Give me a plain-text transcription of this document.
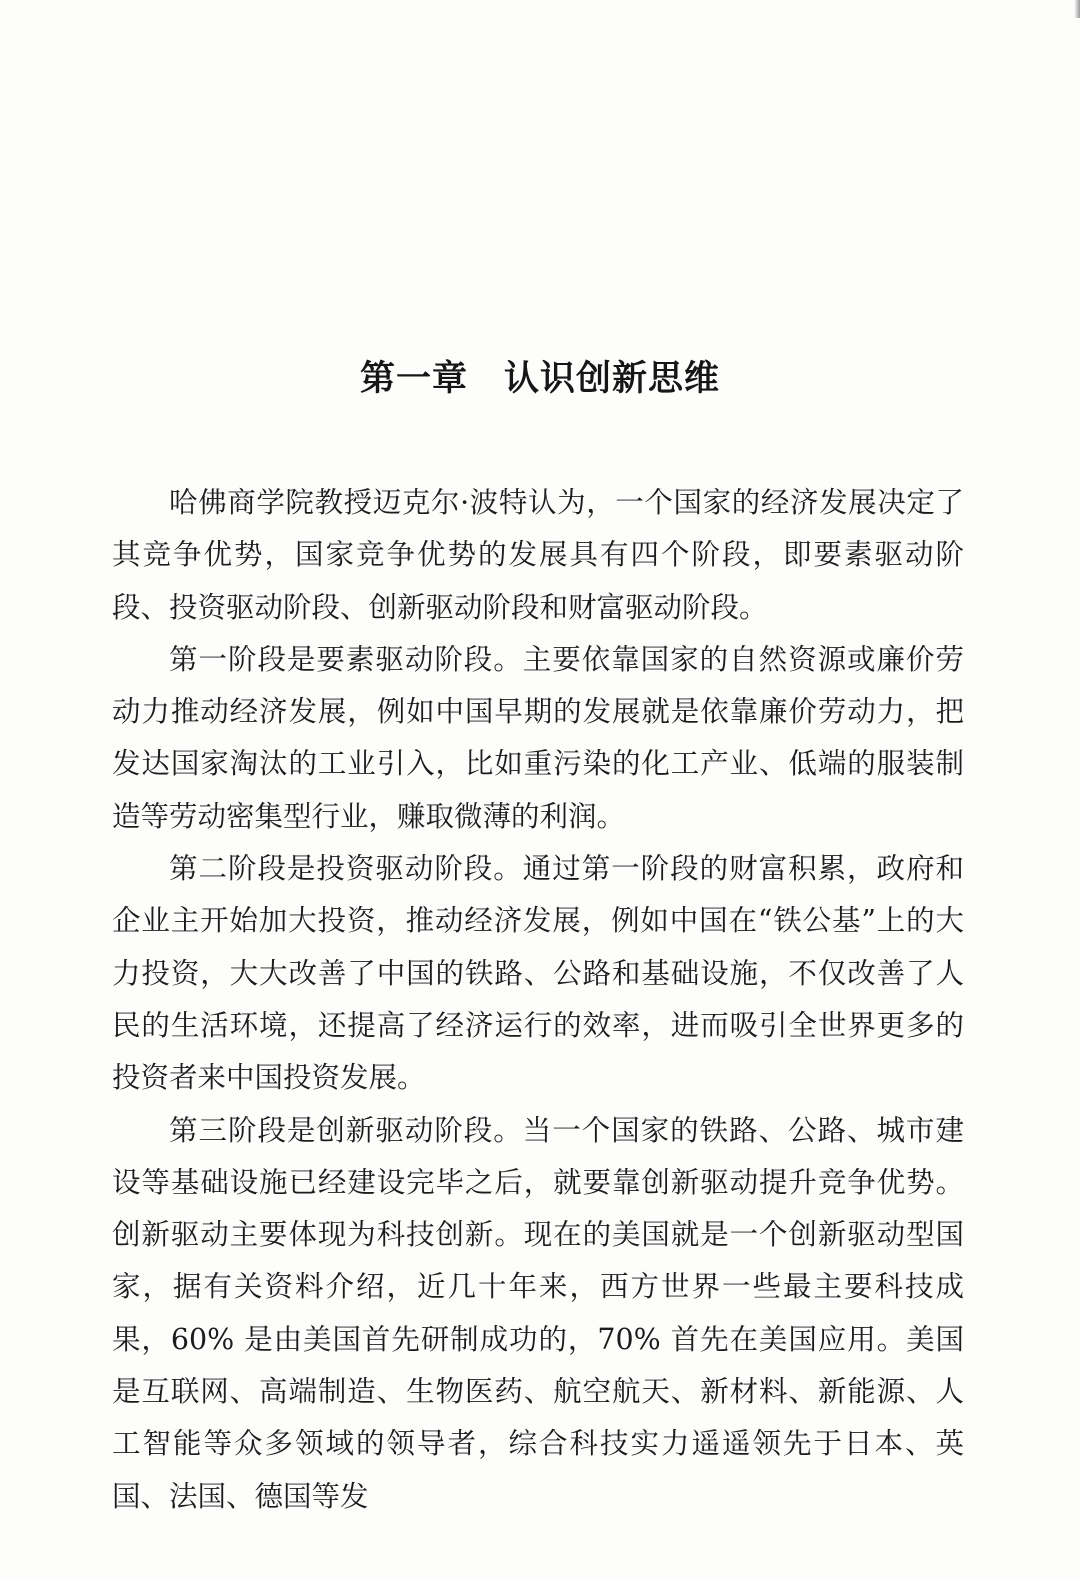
第一章　认识创新思维

哈佛商学院教授迈克尔·波特认为，一个国家的经济发展决定了其竞争优势，国家竞争优势的发展具有四个阶段，即要素驱动阶段、投资驱动阶段、创新驱动阶段和财富驱动阶段。

第一阶段是要素驱动阶段。主要依靠国家的自然资源或廉价劳动力推动经济发展，例如中国早期的发展就是依靠廉价劳动力，把发达国家淘汰的工业引入，比如重污染的化工产业、低端的服装制造等劳动密集型行业，赚取微薄的利润。

第二阶段是投资驱动阶段。通过第一阶段的财富积累，政府和企业主开始加大投资，推动经济发展，例如中国在“铁公基”上的大力投资，大大改善了中国的铁路、公路和基础设施，不仅改善了人民的生活环境，还提高了经济运行的效率，进而吸引全世界更多的投资者来中国投资发展。

第三阶段是创新驱动阶段。当一个国家的铁路、公路、城市建设等基础设施已经建设完毕之后，就要靠创新驱动提升竞争优势。创新驱动主要体现为科技创新。现在的美国就是一个创新驱动型国家，据有关资料介绍，近几十年来，西方世界一些最主要科技成果，60% 是由美国首先研制成功的，70% 首先在美国应用。美国是互联网、高端制造、生物医药、航空航天、新材料、新能源、人工智能等众多领域的领导者，综合科技实力遥遥领先于日本、英国、法国、德国等发
